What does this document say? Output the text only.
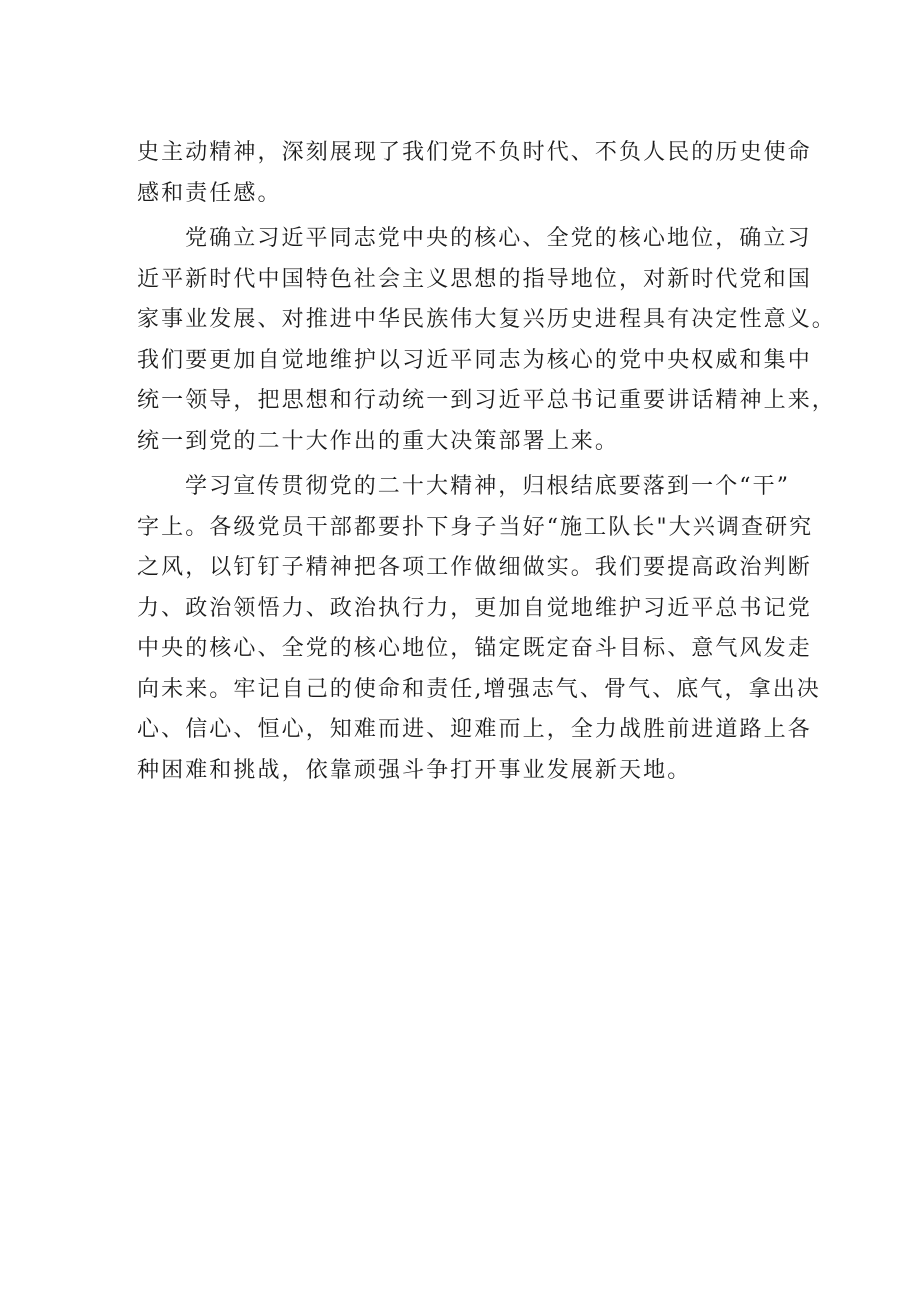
史主动精神，深刻展现了我们党不负时代、不负人民的历史使命
感和责任感。
党确立习近平同志党中央的核心、全党的核心地位，确立习
近平新时代中国特色社会主义思想的指导地位，对新时代党和国
家事业发展、对推进中华民族伟大复兴历史进程具有决定性意义。
我们要更加自觉地维护以习近平同志为核心的党中央权威和集中
统一领导，把思想和行动统一到习近平总书记重要讲话精神上来，
统一到党的二十大作出的重大决策部署上来。
学习宣传贯彻党的二十大精神，归根结底要落到一个“干”
字上。各级党员干部都要扑下身子当好“施工队长"大兴调查研究
之风，以钉钉子精神把各项工作做细做实。我们要提高政治判断
力、政治领悟力、政治执行力，更加自觉地维护习近平总书记党
中央的核心、全党的核心地位，锚定既定奋斗目标、意气风发走
向未来。牢记自己的使命和责任,增强志气、骨气、底气，拿出决
心、信心、恒心，知难而进、迎难而上，全力战胜前进道路上各
种困难和挑战，依靠顽强斗争打开事业发展新天地。
